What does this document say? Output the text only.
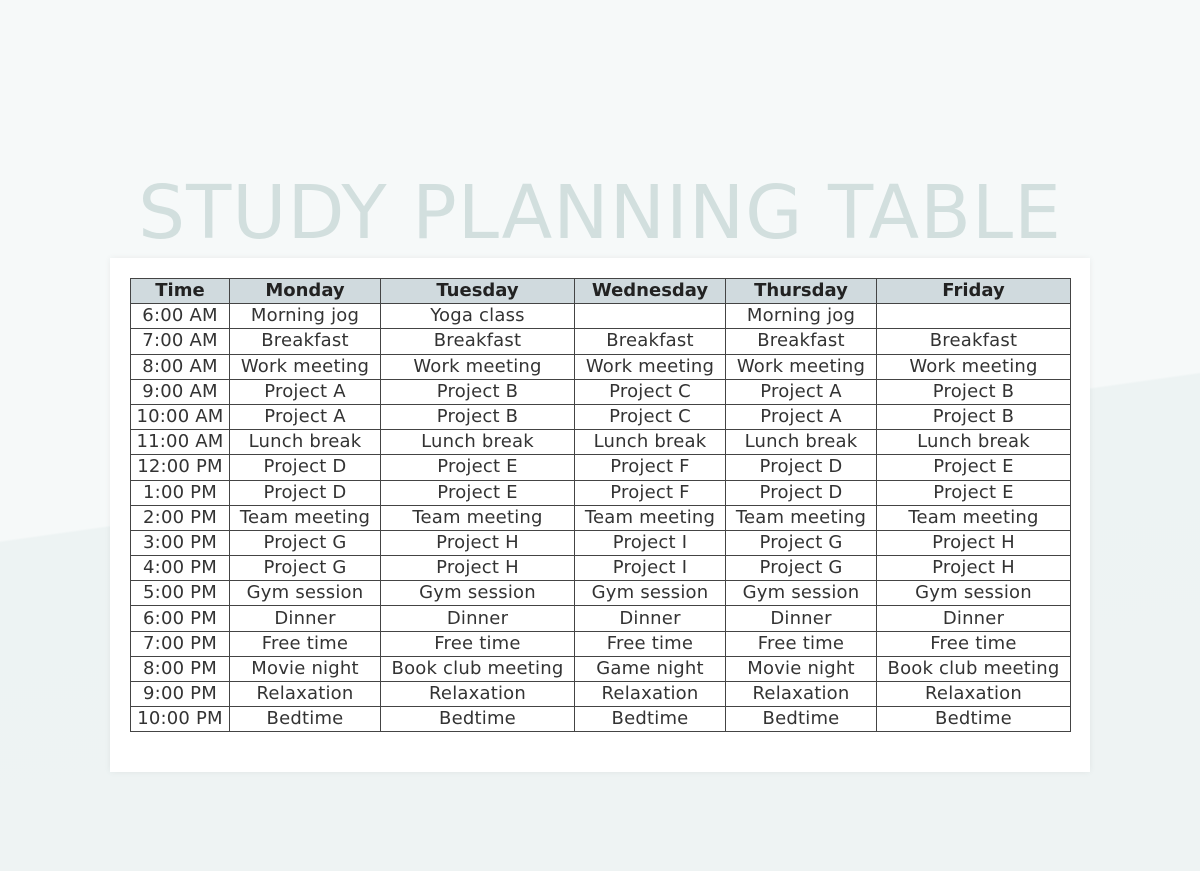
STUDY PLANNING TABLE
Time	Monday	Tuesday	Wednesday	Thursday	Friday
6:00 AM	Morning jog	Yoga class		Morning jog	
7:00 AM	Breakfast	Breakfast	Breakfast	Breakfast	Breakfast
8:00 AM	Work meeting	Work meeting	Work meeting	Work meeting	Work meeting
9:00 AM	Project A	Project B	Project C	Project A	Project B
10:00 AM	Project A	Project B	Project C	Project A	Project B
11:00 AM	Lunch break	Lunch break	Lunch break	Lunch break	Lunch break
12:00 PM	Project D	Project E	Project F	Project D	Project E
1:00 PM	Project D	Project E	Project F	Project D	Project E
2:00 PM	Team meeting	Team meeting	Team meeting	Team meeting	Team meeting
3:00 PM	Project G	Project H	Project I	Project G	Project H
4:00 PM	Project G	Project H	Project I	Project G	Project H
5:00 PM	Gym session	Gym session	Gym session	Gym session	Gym session
6:00 PM	Dinner	Dinner	Dinner	Dinner	Dinner
7:00 PM	Free time	Free time	Free time	Free time	Free time
8:00 PM	Movie night	Book club meeting	Game night	Movie night	Book club meeting
9:00 PM	Relaxation	Relaxation	Relaxation	Relaxation	Relaxation
10:00 PM	Bedtime	Bedtime	Bedtime	Bedtime	Bedtime
